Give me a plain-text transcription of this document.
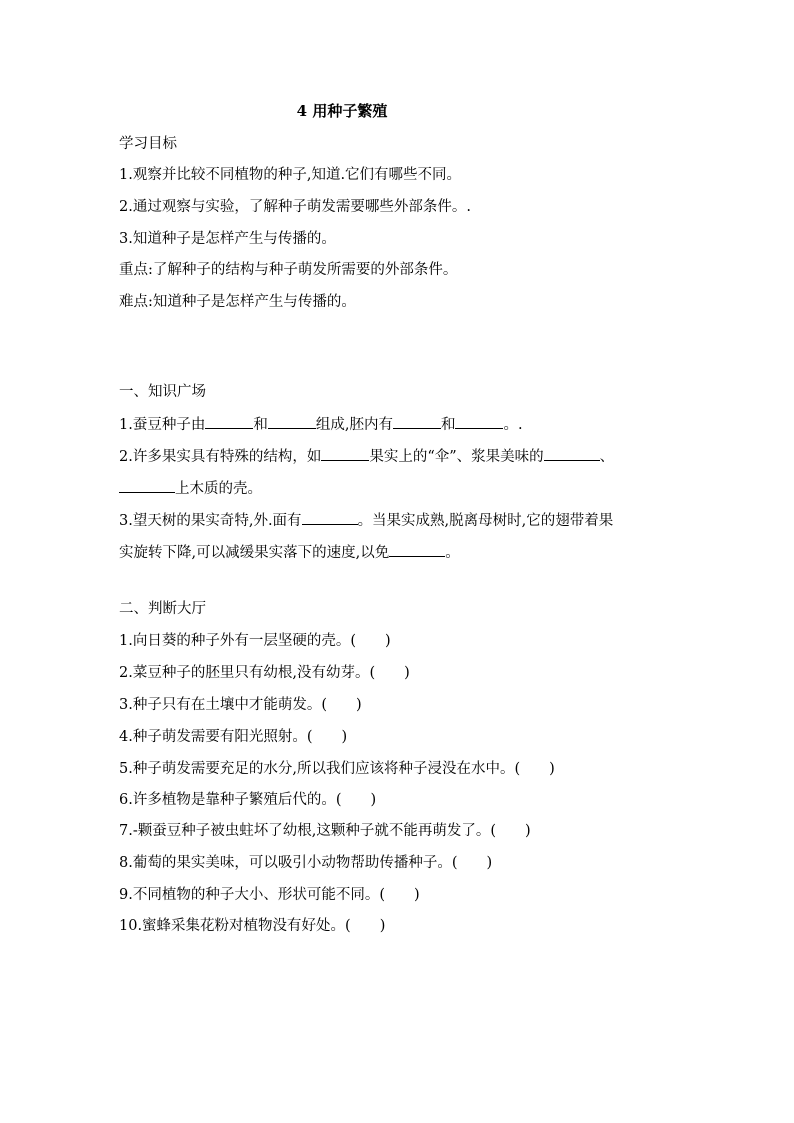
4 用种子繁殖
学习目标
1.观察并比较不同植物的种子,知道.它们有哪些不同。
2.通过观察与实验，了解种子萌发需要哪些外部条件。.
3.知道种子是怎样产生与传播的。
重点:了解种子的结构与种子萌发所需要的外部条件。
难点:知道种子是怎样产生与传播的。
一、知识广场
1.蚕豆种子由	和	组成,胚内有	和	。.
2.许多果实具有特殊的结构，如	果实上的“伞”、浆果美味的	、
上木质的壳。
3.望天树的果实奇特,外.面有	。当果实成熟,脱离母树时,它的翅带着果
实旋转下降,可以减缓果实落下的速度,以免	。
二、判断大厅
1.向日葵的种子外有一层坚硬的壳。(　　)
2.菜豆种子的胚里只有幼根,没有幼芽。(　　)
3.种子只有在土壤中才能萌发。(　　)
4.种子萌发需要有阳光照射。(　　)
5.种子萌发需要充足的水分,所以我们应该将种子浸没在水中。(　　)
6.许多植物是靠种子繁殖后代的。(　　)
7.-颗蚕豆种子被虫蛀坏了幼根,这颗种子就不能再萌发了。(　　)
8.葡萄的果实美味，可以吸引小动物帮助传播种子。(　　)
9.不同植物的种子大小、形状可能不同。(　　)
10.蜜蜂采集花粉对植物没有好处。(　　)
